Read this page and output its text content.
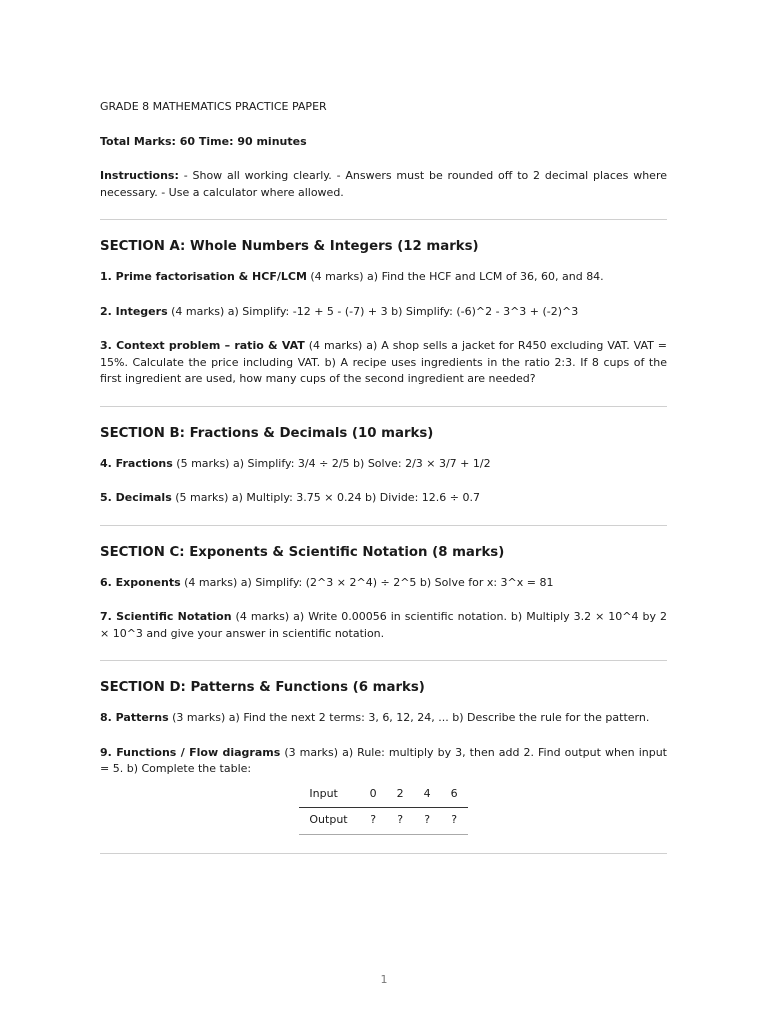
GRADE 8 MATHEMATICS PRACTICE PAPER

Total Marks: 60 Time: 90 minutes

Instructions: - Show all working clearly. - Answers must be rounded off to 2 decimal places where necessary. - Use a calculator where allowed.

SECTION A: Whole Numbers & Integers (12 marks)

1. Prime factorisation & HCF/LCM (4 marks) a) Find the HCF and LCM of 36, 60, and 84.

2. Integers (4 marks) a) Simplify: -12 + 5 - (-7) + 3 b) Simplify: (-6)^2 - 3^3 + (-2)^3

3. Context problem – ratio & VAT (4 marks) a) A shop sells a jacket for R450 excluding VAT. VAT = 15%. Calculate the price including VAT. b) A recipe uses ingredients in the ratio 2:3. If 8 cups of the first ingredient are used, how many cups of the second ingredient are needed?

SECTION B: Fractions & Decimals (10 marks)

4. Fractions (5 marks) a) Simplify: 3/4 ÷ 2/5 b) Solve: 2/3 × 3/7 + 1/2

5. Decimals (5 marks) a) Multiply: 3.75 × 0.24 b) Divide: 12.6 ÷ 0.7

SECTION C: Exponents & Scientific Notation (8 marks)

6. Exponents (4 marks) a) Simplify: (2^3 × 2^4) ÷ 2^5 b) Solve for x: 3^x = 81

7. Scientific Notation (4 marks) a) Write 0.00056 in scientific notation. b) Multiply 3.2 × 10^4 by 2 × 10^3 and give your answer in scientific notation.

SECTION D: Patterns & Functions (6 marks)

8. Patterns (3 marks) a) Find the next 2 terms: 3, 6, 12, 24, ... b) Describe the rule for the pattern.

9. Functions / Flow diagrams (3 marks) a) Rule: multiply by 3, then add 2. Find output when input = 5. b) Complete the table:

Input	0	2	4	6
Output	?	?	?	?
1
